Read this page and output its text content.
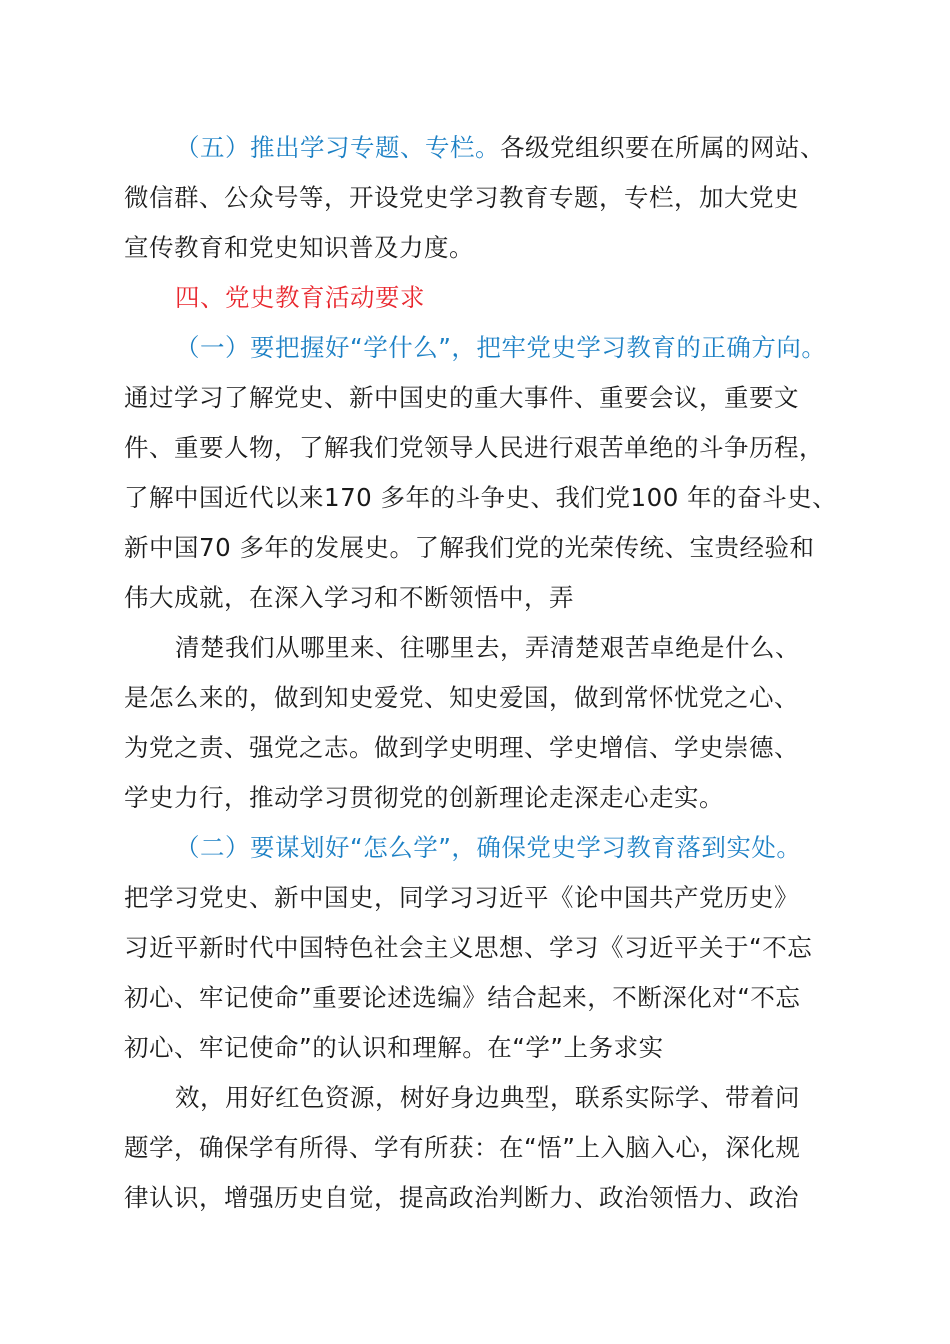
（五）推出学习专题、专栏。各级党组织要在所属的网站、
微信群、公众号等，开设党史学习教育专题，专栏，加大党史
宣传教育和党史知识普及力度。
四、党史教育活动要求
（一）要把握好“学什么”，把牢党史学习教育的正确方向。
通过学习了解党史、新中国史的重大事件、重要会议，重要文
件、重要人物，了解我们党领导人民进行艰苦单绝的斗争历程，
了解中国近代以来170 多年的斗争史、我们党100 年的奋斗史、
新中国70 多年的发展史。了解我们党的光荣传统、宝贵经验和
伟大成就，在深入学习和不断领悟中，弄
清楚我们从哪里来、往哪里去，弄清楚艰苦卓绝是什么、
是怎么来的，做到知史爱党、知史爱国，做到常怀忧党之心、
为党之责、强党之志。做到学史明理、学史增信、学史崇德、
学史力行，推动学习贯彻党的创新理论走深走心走实。
（二）要谋划好“怎么学”，确保党史学习教育落到实处。
把学习党史、新中国史，同学习习近平《论中国共产党历史》
习近平新时代中国特色社会主义思想、学习《习近平关于“不忘
初心、牢记使命”重要论述选编》结合起来，不断深化对“不忘
初心、牢记使命”的认识和理解。在“学”上务求实
效，用好红色资源，树好身边典型，联系实际学、带着问
题学，确保学有所得、学有所获：在“悟”上入脑入心，深化规
律认识，增强历史自觉，提高政治判断力、政治领悟力、政治
